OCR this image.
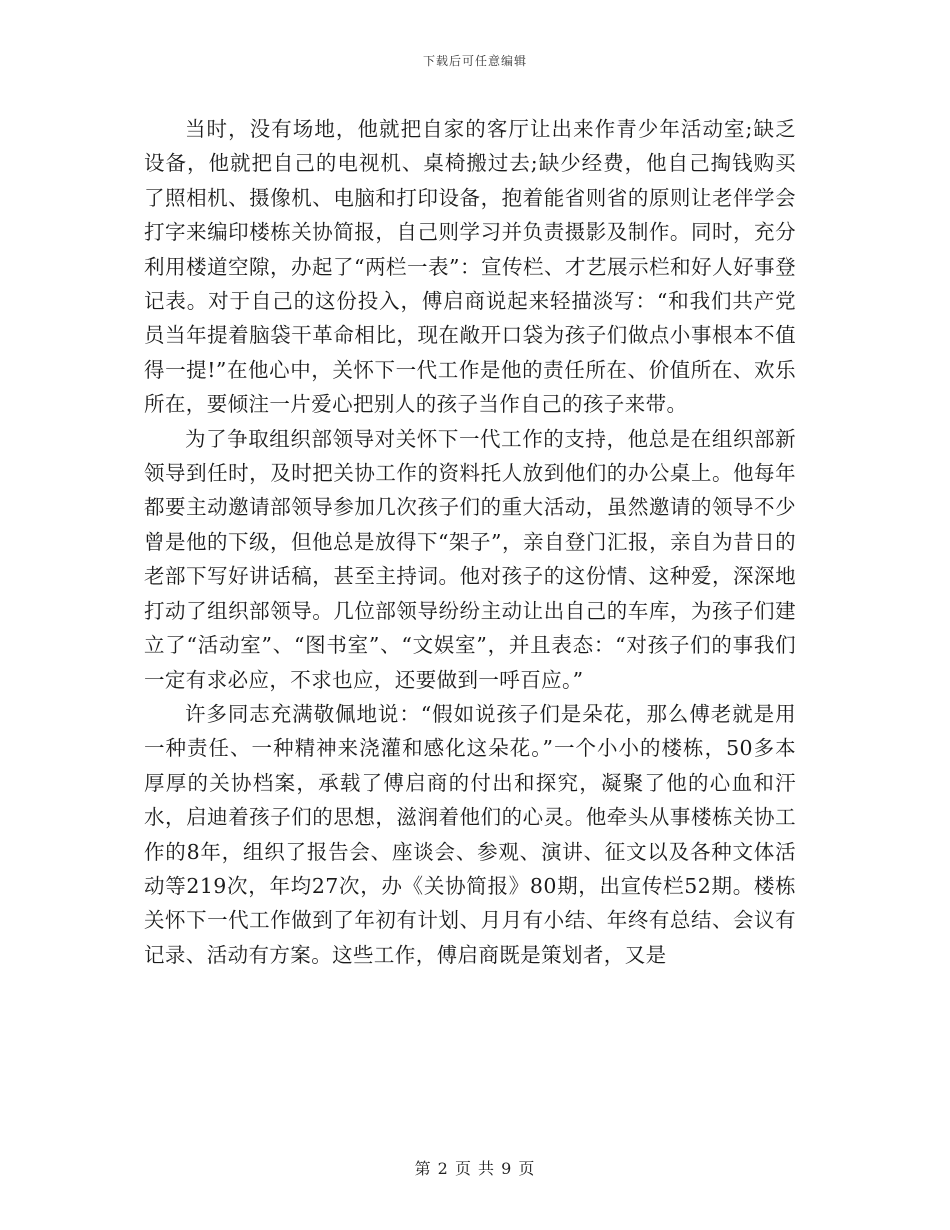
下载后可任意编辑

当时，没有场地，他就把自家的客厅让出来作青少年活动室;缺乏设备，他就把自己的电视机、桌椅搬过去;缺少经费，他自己掏钱购买了照相机、摄像机、电脑和打印设备，抱着能省则省的原则让老伴学会打字来编印楼栋关协简报，自己则学习并负责摄影及制作。同时，充分利用楼道空隙，办起了“两栏一表”：宣传栏、才艺展示栏和好人好事登记表。对于自己的这份投入，傅启商说起来轻描淡写：“和我们共产党员当年提着脑袋干革命相比，现在敞开口袋为孩子们做点小事根本不值得一提!”在他心中，关怀下一代工作是他的责任所在、价值所在、欢乐所在，要倾注一片爱心把别人的孩子当作自己的孩子来带。

为了争取组织部领导对关怀下一代工作的支持，他总是在组织部新领导到任时，及时把关协工作的资料托人放到他们的办公桌上。他每年都要主动邀请部领导参加几次孩子们的重大活动，虽然邀请的领导不少曾是他的下级，但他总是放得下“架子”，亲自登门汇报，亲自为昔日的老部下写好讲话稿，甚至主持词。他对孩子的这份情、这种爱，深深地打动了组织部领导。几位部领导纷纷主动让出自己的车库，为孩子们建立了“活动室”、“图书室”、“文娱室”，并且表态：“对孩子们的事我们一定有求必应，不求也应，还要做到一呼百应。”

许多同志充满敬佩地说：“假如说孩子们是朵花，那么傅老就是用一种责任、一种精神来浇灌和感化这朵花。”一个小小的楼栋，50多本厚厚的关协档案，承载了傅启商的付出和探究，凝聚了他的心血和汗水，启迪着孩子们的思想，滋润着他们的心灵。他牵头从事楼栋关协工作的8年，组织了报告会、座谈会、参观、演讲、征文以及各种文体活动等219次，年均27次，办《关协简报》80期，出宣传栏52期。楼栋关怀下一代工作做到了年初有计划、月月有小结、年终有总结、会议有记录、活动有方案。这些工作，傅启商既是策划者，又是

第 2 页 共 9 页
